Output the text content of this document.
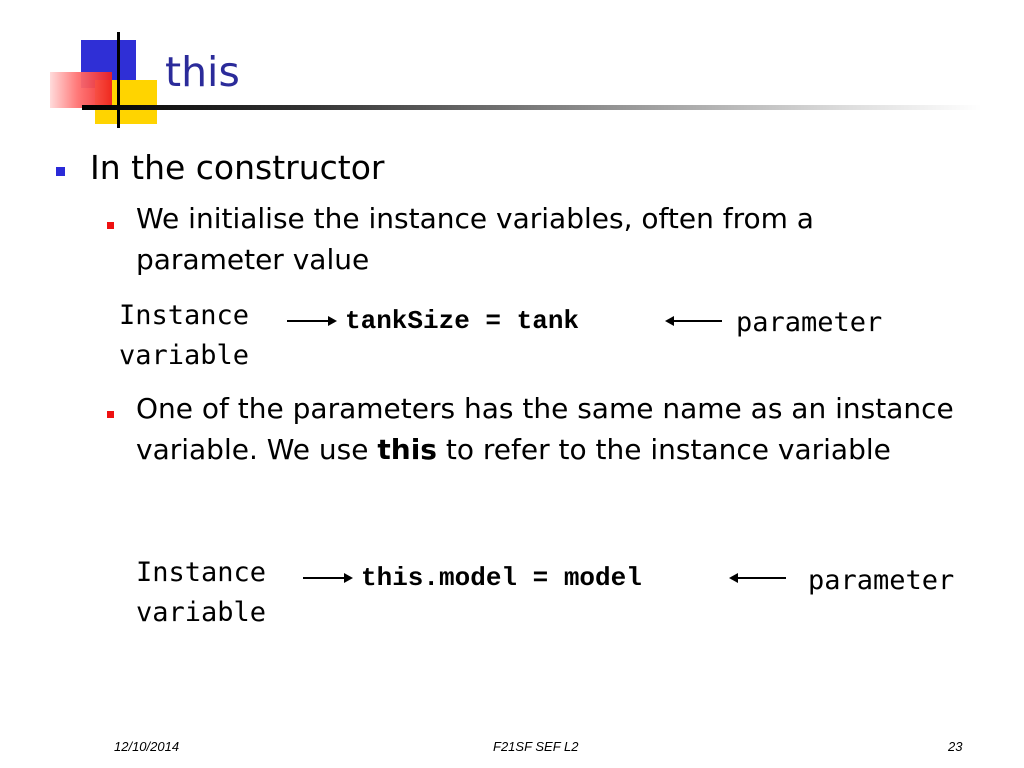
this
In the constructor
We initialise the instance variables, often from a parameter value
Instance
variable
tankSize = tank	parameter
One of the parameters has the same name as an instance variable. We use this to refer to the instance variable
Instance
variable
this.model = model	parameter
12/10/2014	F21SF SEF L2	23
